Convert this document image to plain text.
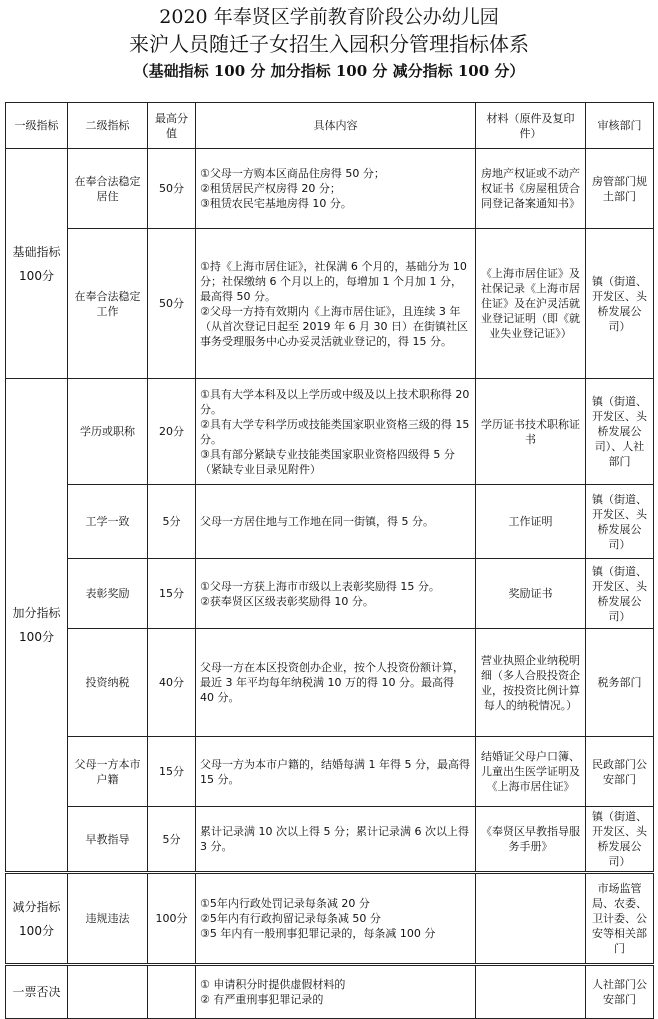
2020 年奉贤区学前教育阶段公办幼儿园
来沪人员随迁子女招生入园积分管理指标体系
（基础指标 100 分 加分指标 100 分 减分指标 100 分）
一级指标	二级指标	最高分值	具体内容	材料（原件及复印件）	审核部门
基础指标100分	在奉合法稳定居住	50分	①父母一方购本区商品住房得 50 分；
②租赁居民产权房得 20 分；
③租赁农民宅基地房得 10 分。	房地产权证或不动产权证书《房屋租赁合同登记备案通知书》	房管部门规土部门
	在奉合法稳定工作	50分	①持《上海市居住证》，社保满 6 个月的，基础分为 10 分；社保缴纳 6 个月以上的，每增加 1 个月加 1 分，最高得 50 分。
②父母一方持有效期内《上海市居住证》，且连续 3 年（从首次登记日起至 2019 年 6 月 30 日）在街镇社区事务受理服务中心办妥灵活就业登记的，得 15 分。	《上海市居住证》及社保记录《上海市居住证》及在沪灵活就业登记证明（即《就业失业登记证》）	镇（街道、开发区、头桥发展公司）
加分指标100分	学历或职称	20分	①具有大学本科及以上学历或中级及以上技术职称得 20 分。
②具有大学专科学历或技能类国家职业资格三级的得 15 分。
③具有部分紧缺专业技能类国家职业资格四级得 5 分（紧缺专业目录见附件）	学历证书技术职称证书	镇（街道、开发区、头桥发展公司）、人社部门
	工学一致	5分	父母一方居住地与工作地在同一街镇，得 5 分。	工作证明	镇（街道、开发区、头桥发展公司）
	表彰奖励	15分	①父母一方获上海市市级以上表彰奖励得 15 分。
②获奉贤区区级表彰奖励得 10 分。	奖励证书	镇（街道、开发区、头桥发展公司）
	投资纳税	40分	父母一方在本区投资创办企业，按个人投资份额计算，最近 3 年平均每年纳税满 10 万的得 10 分。最高得 40 分。	营业执照企业纳税明细（多人合股投资企业，按投资比例计算每人的纳税情况。）	税务部门
	父母一方本市户籍	15分	父母一方为本市户籍的，结婚每满 1 年得 5 分，最高得 15 分。	结婚证父母户口簿、儿童出生医学证明及《上海市居住证》	民政部门公安部门
	早教指导	5分	累计记录满 10 次以上得 5 分；累计记录满 6 次以上得 3 分。	《奉贤区早教指导服务手册》	镇（街道、开发区、头桥发展公司）
减分指标100分	违规违法	100分	①5年内行政处罚记录每条减 20 分
②5年内有行政拘留记录每条减 50 分
③5 年内有一般刑事犯罪记录的，每条减 100 分		市场监管局、农委、卫计委、公安等相关部门
一票否决			① 申请积分时提供虚假材料的
② 有严重刑事犯罪记录的		人社部门公安部门
